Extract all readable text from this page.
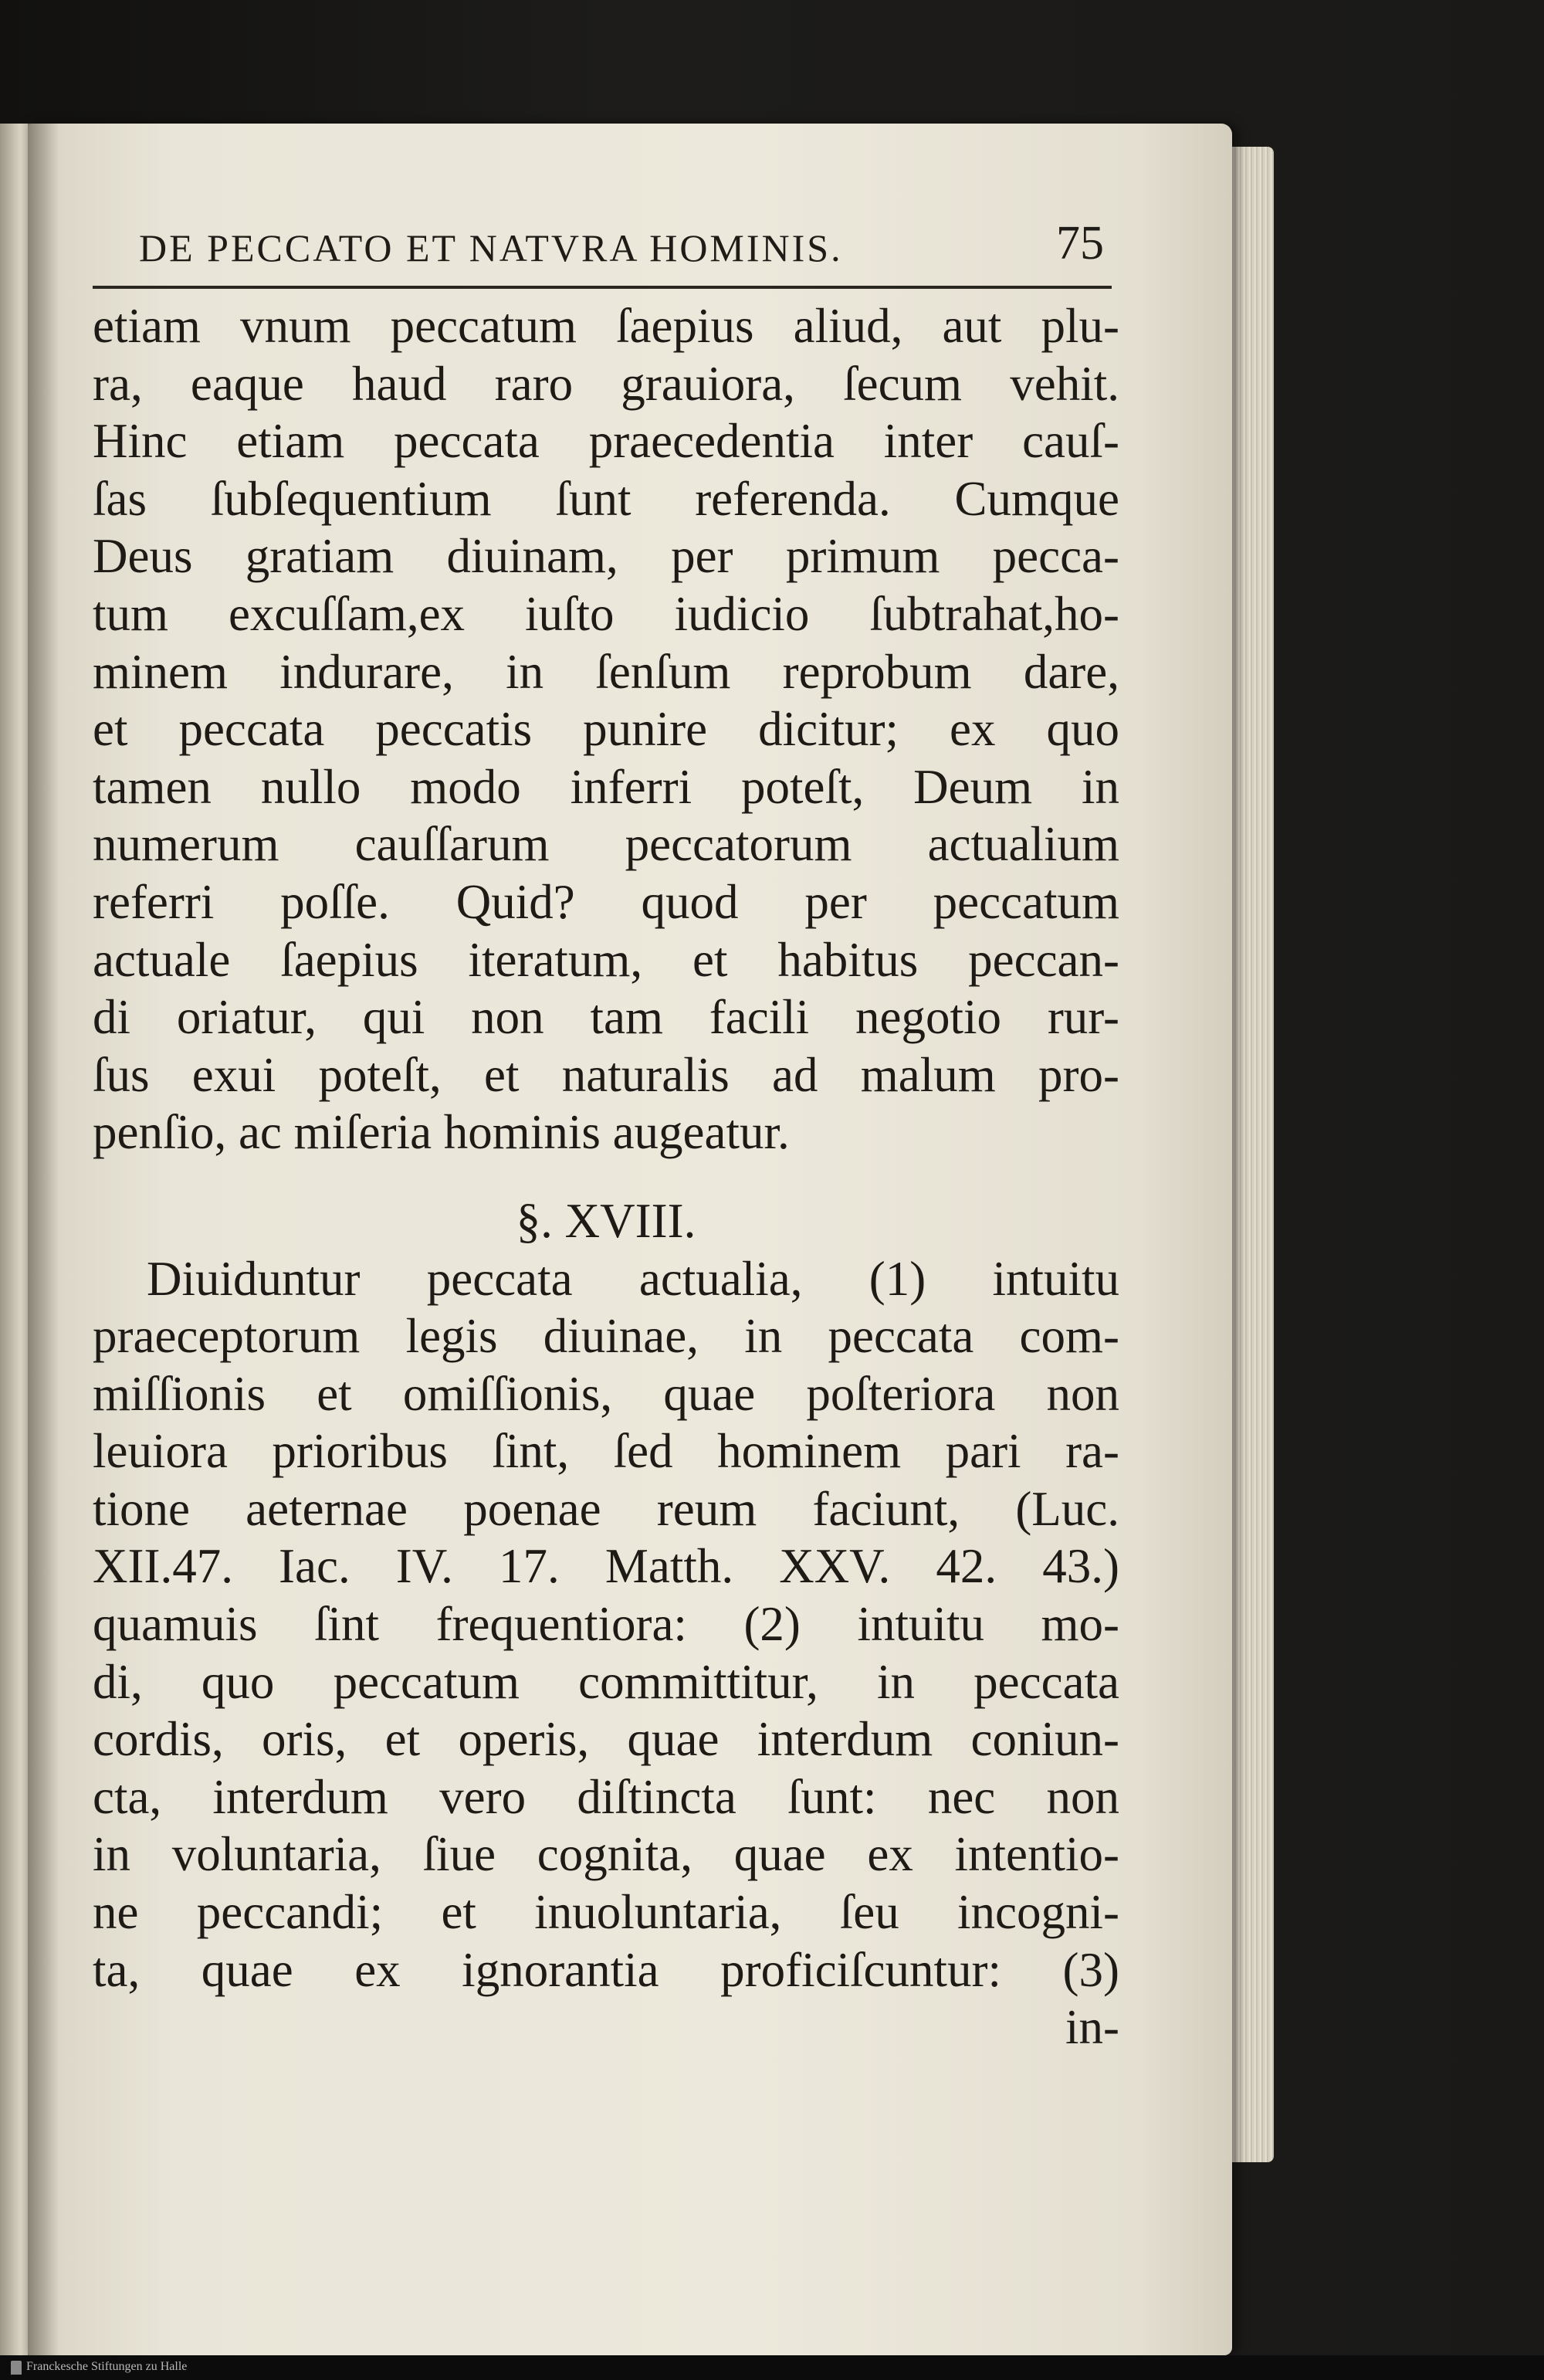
DE PECCATO ET NATVRA HOMINIS.	75
etiam vnum peccatum ſaepius aliud, aut plu-
ra, eaque haud raro grauiora, ſecum vehit.
Hinc etiam peccata praecedentia inter cauſ-
ſas ſubſequentium ſunt referenda. Cumque
Deus gratiam diuinam, per primum pecca-
tum excuſſam,ex iuſto iudicio ſubtrahat,ho-
minem indurare, in ſenſum reprobum dare,
et peccata peccatis punire dicitur; ex quo
tamen nullo modo inferri poteſt, Deum in
numerum cauſſarum peccatorum actualium
referri poſſe. Quid? quod per peccatum
actuale ſaepius iteratum, et habitus peccan-
di oriatur, qui non tam facili negotio rur-
ſus exui poteſt, et naturalis ad malum pro-
penſio, ac miſeria hominis augeatur.
§. XVIII.
Diuiduntur peccata actualia, (1) intuitu
praeceptorum legis diuinae, in peccata com-
miſſionis et omiſſionis, quae poſteriora non
leuiora prioribus ſint, ſed hominem pari ra-
tione aeternae poenae reum faciunt, (Luc.
XII.47. Iac. IV. 17. Matth. XXV. 42. 43.)
quamuis ſint frequentiora: (2) intuitu mo-
di, quo peccatum committitur, in peccata
cordis, oris, et operis, quae interdum coniun-
cta, interdum vero diſtincta ſunt: nec non
in voluntaria, ſiue cognita, quae ex intentio-
ne peccandi; et inuoluntaria, ſeu incogni-
ta, quae ex ignorantia proficiſcuntur: (3)
in-
Franckesche Stiftungen zu Halle
